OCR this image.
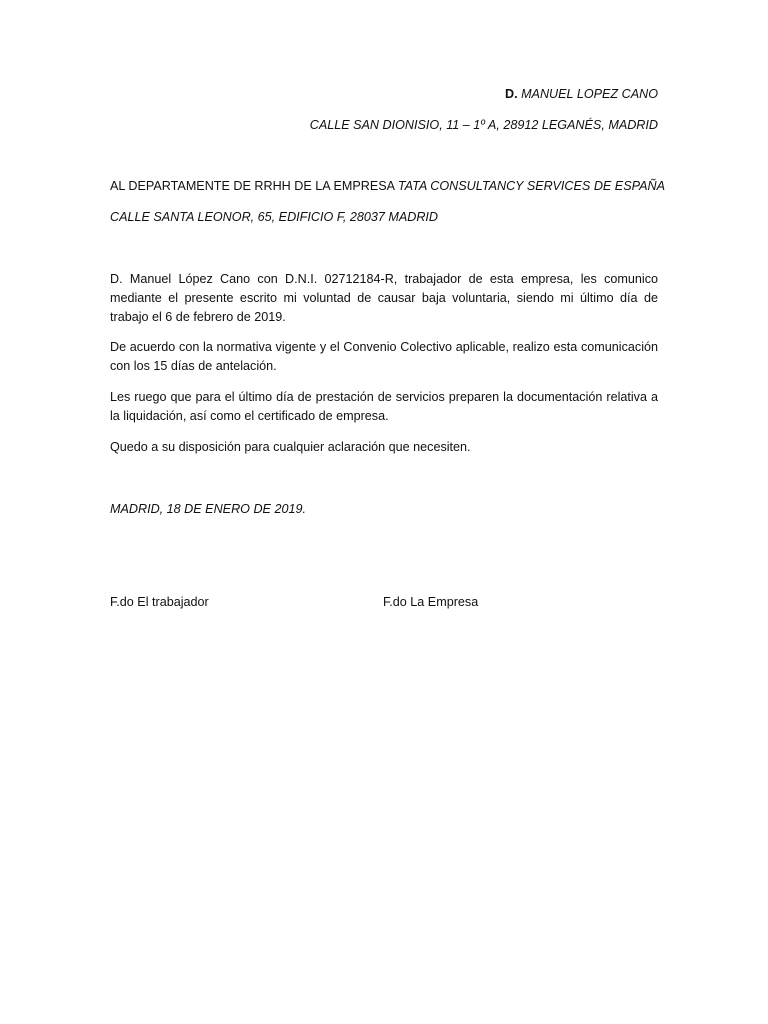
D. MANUEL LOPEZ CANO
CALLE SAN DIONISIO, 11 – 1º A, 28912 LEGANÉS, MADRID
AL DEPARTAMENTE DE RRHH DE LA EMPRESA TATA CONSULTANCY SERVICES DE ESPAÑA
CALLE SANTA LEONOR, 65, EDIFICIO F, 28037 MADRID
D. Manuel López Cano con D.N.I. 02712184-R, trabajador de esta empresa, les comunico mediante el presente escrito mi voluntad de causar baja voluntaria, siendo mi último día de trabajo el 6 de febrero de 2019.
De acuerdo con la normativa vigente y el Convenio Colectivo aplicable, realizo esta comunicación con los 15 días de antelación.
Les ruego que para el último día de prestación de servicios preparen la documentación relativa a la liquidación, así como el certificado de empresa.
Quedo a su disposición para cualquier aclaración que necesiten.
MADRID, 18 DE ENERO DE 2019.
F.do El trabajador	F.do La Empresa
